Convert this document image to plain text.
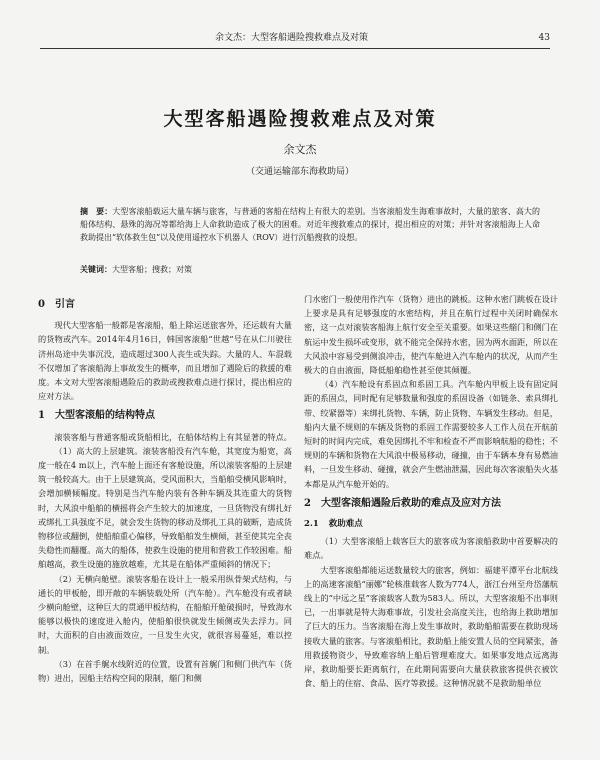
余文杰：大型客船遇险搜救难点及对策	43
大型客船遇险搜救难点及对策
余文杰
（交通运输部东海救助局）
摘　要：大型客滚船载运大量车辆与旅客，与普通的客船在结构上有很大的差别。当客滚船发生海难事故时，大量的旅客、高大的船体结构、悬殊的海况等都给海上人命救助造成了极大的困难。对近年搜救难点的探讨，提出相应的对策；并针对客滚船海上人命救助提出“软体救生包”以及使用遥控水下机器人（ROV）进行沉船搜救的设想。
关键词：大型客船；搜救；对策
0 引言

现代大型客船一般都是客滚船，船上除运送旅客外，还运载有大量的货物或汽车。2014年4月16日，韩国客滚船“世越”号在从仁川驶往济州岛途中失事沉没，造成超过300人丧生或失踪。大量的人、车混载不仅增加了客滚船海上事故发生的概率，而且增加了遇险后的救援的难度。本文对大型客滚船遇险后的救助或搜救难点进行探讨，提出相应的应对方法。

1 大型客滚船的结构特点

滚装客船与普通客船或货船相比，在船体结构上有其显著的特点。

（1）高大的上层建筑。滚装客船没有汽车舱，其宽度为船宽，高度一般在4 m以上，汽车舱上面还有客舱设施，所以滚装客船的上层建筑一般较高大。由于上层建筑高，受风面积大，当船舶受横风影响时，会增加横倾幅度。特别是当汽车舱内装有各种车辆及其连重大的货物时，大风浪中船舶的横摇将会产生较大的加速度，一旦货物没有绑扎好或绑扎工具强度不足，就会发生货物的移动及绑扎工具的破断，造成货物移位或翻倒，使船舶重心偏移，导致船舶发生横倾，甚至使其完全丧失稳性而翻覆。高大的船体，使救生设施的使用和营救工作较困难。船舶越高，救生设施的施放越难，尤其是在船体严重倾斜的情况下；

（2）无横向舱壁。滚装客船在设计上一般采用纵骨架式结构，与通长的甲板舱，即开敞的车辆装载处所（汽车舱）。汽车舱没有或者缺少横向舱壁，这种巨大的贯通甲板结构，在船舶开舱破损时，导致海水能够以极快的速度进入舱内，使船舶很快就发生倾侧或失去浮力。同时，大面积的自由液面效应，一旦发生火灾，就很容易蔓延，难以控制。

（3）在首手艉水线附近的位置，设置有首艉门和侧门供汽车（货物）进出，因船主结构空间的限制，艏门和侧

门水密门一般使用作汽车（货物）进出的跳板。这种水密门跳板在设计上要求是具有足够强度的水密结构，并且在航行过程中关闭时确保水密，这一点对滚装客船海上航行安全至关重要。如果这些艏门和侧门在航运中发生损坏或变形，就不能完全保持水密，因为两水面距，所以在大风浪中容易受到侧浪冲击，使汽车舱进入汽车舱内的状况，从而产生极大的自由液面，降低船舶稳性甚至使其倾覆。

（4）汽车舱设有系固点和系固工具。汽车舱内甲板上设有固定间距的系固点，同时配有足够数量和强度的系固设备（如链条、索具绑扎带、绞紧器等）来绑扎货物、车辆，防止货物、车辆发生移动。但是，船内大量不规则的车辆及货物的系固工作需要较多人工作人员在开航前短时的时间内完成，难免因绑扎不牢和检查不严而影响航船的稳性；不规则的车辆和货物在大风浪中极易移动，碰撞，由于车辆本身有易燃油料，一旦发生移动、碰撞，就会产生燃油泄漏，因此每次客滚船失火基本都是从汽车舱开始的。

2 大型客滚船遇险后救助的难点及应对方法
2.1 救助难点

（1）大型客滚船上载客巨大的旅客成为客滚船救助中首要解决的难点。

大型客滚船都能运送数量较大的旅客，例如：福建平潭平台北航线上的高速客滚船“丽娜”轮核准载客人数为774人，浙江台州至舟岱藩航线上的“中远之星”客滚载客人数为583人。所以，大型客滚船不出事则已，一出事就是特大海难事故，引发社会高度关注，也给海上救助增加了巨大的压力。当客滚船在海上发生事故时，救助船舶需要在救助现场接收大量的旅客。与客滚船相比，救助船上能安置人员的空间紧张，备用救援物资少，导致难容纳上船后管理难度大。如果事发地点远离海岸，救助船要长距离航行，在此期间需要向大量获救旅客提供衣被饮食、船上的住宿、食品、医疗等救援。这种情况就不是救助船单位
